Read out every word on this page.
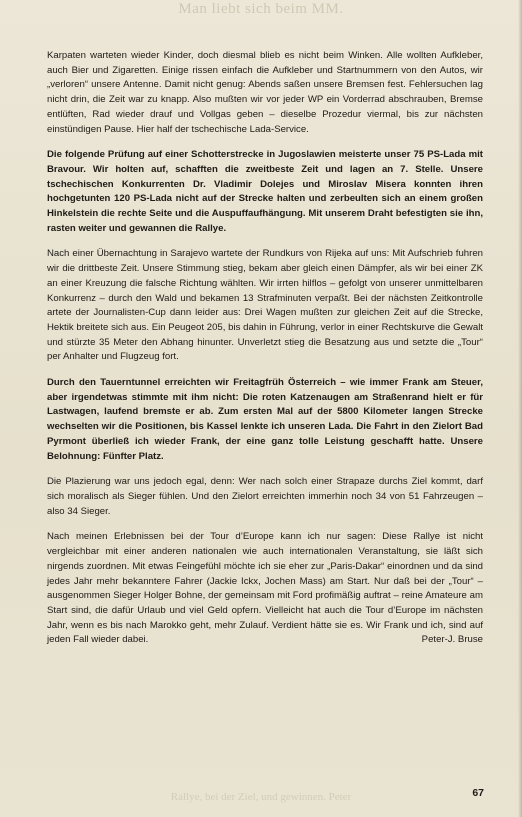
Man liebt sich beim MM.

Karpaten warteten wieder Kinder, doch diesmal blieb es nicht beim Winken. Alle wollten Aufkleber, auch Bier und Zigaretten. Einige rissen einfach die Aufkleber und Startnummern von den Autos, wir „verloren“ unsere Antenne. Damit nicht genug: Abends saßen unsere Bremsen fest. Fehlersuchen lag nicht drin, die Zeit war zu knapp. Also mußten wir vor jeder WP ein Vorderrad abschrauben, Bremse entlüften, Rad wieder drauf und Vollgas geben – dieselbe Prozedur viermal, bis zur nächsten einstündigen Pause. Hier half der tschechische Lada-Service.

Die folgende Prüfung auf einer Schotterstrecke in Jugoslawien meisterte unser 75 PS-Lada mit Bravour. Wir holten auf, schafften die zweitbeste Zeit und lagen an 7. Stelle. Unsere tschechischen Konkurrenten Dr. Vladimir Dolejes und Miroslav Misera konnten ihren hochgetunten 120 PS-Lada nicht auf der Strecke halten und zerbeulten sich an einem großen Hinkelstein die rechte Seite und die Auspuffaufhängung. Mit unserem Draht befestigten sie ihn, rasten weiter und gewannen die Rallye.

Nach einer Übernachtung in Sarajevo wartete der Rundkurs von Rijeka auf uns: Mit Aufschrieb fuhren wir die drittbeste Zeit. Unsere Stimmung stieg, bekam aber gleich einen Dämpfer, als wir bei einer ZK an einer Kreuzung die falsche Richtung wählten. Wir irrten hilflos – gefolgt von unserer unmittelbaren Konkurrenz – durch den Wald und bekamen 13 Strafminuten verpaßt. Bei der nächsten Zeitkontrolle artete der Journalisten-Cup dann leider aus: Drei Wagen mußten zur gleichen Zeit auf die Strecke, Hektik breitete sich aus. Ein Peugeot 205, bis dahin in Führung, verlor in einer Rechtskurve die Gewalt und stürzte 35 Meter den Abhang hinunter. Unverletzt stieg die Besatzung aus und setzte die „Tour“ per Anhalter und Flugzeug fort.

Durch den Tauerntunnel erreichten wir Freitagfrüh Österreich – wie immer Frank am Steuer, aber irgendetwas stimmte mit ihm nicht: Die roten Katzenaugen am Straßenrand hielt er für Lastwagen, laufend bremste er ab. Zum ersten Mal auf der 5800 Kilometer langen Strecke wechselten wir die Positionen, bis Kassel lenkte ich unseren Lada. Die Fahrt in den Zielort Bad Pyrmont überließ ich wieder Frank, der eine ganz tolle Leistung geschafft hatte. Unsere Belohnung: Fünfter Platz.

Die Plazierung war uns jedoch egal, denn: Wer nach solch einer Strapaze durchs Ziel kommt, darf sich moralisch als Sieger fühlen. Und den Zielort erreichten immerhin noch 34 von 51 Fahrzeugen – also 34 Sieger.

Nach meinen Erlebnissen bei der Tour d’Europe kann ich nur sagen: Diese Rallye ist nicht vergleichbar mit einer anderen nationalen wie auch internationalen Veranstaltung, sie läßt sich nirgends zuordnen. Mit etwas Feingefühl möchte ich sie eher zur „Paris-Dakar“ einordnen und da sind jedes Jahr mehr bekanntere Fahrer (Jackie Ickx, Jochen Mass) am Start. Nur daß bei der „Tour“ – ausgenommen Sieger Holger Bohne, der gemeinsam mit Ford profimäßig auftrat – reine Amateure am Start sind, die dafür Urlaub und viel Geld opfern. Vielleicht hat auch die Tour d’Europe im nächsten Jahr, wenn es bis nach Marokko geht, mehr Zulauf. Verdient hätte sie es. Wir Frank und ich, sind auf jeden Fall wieder dabei.	Peter-J. Bruse

Rallye, bei der Ziel, und gewinnen. Peter	67
